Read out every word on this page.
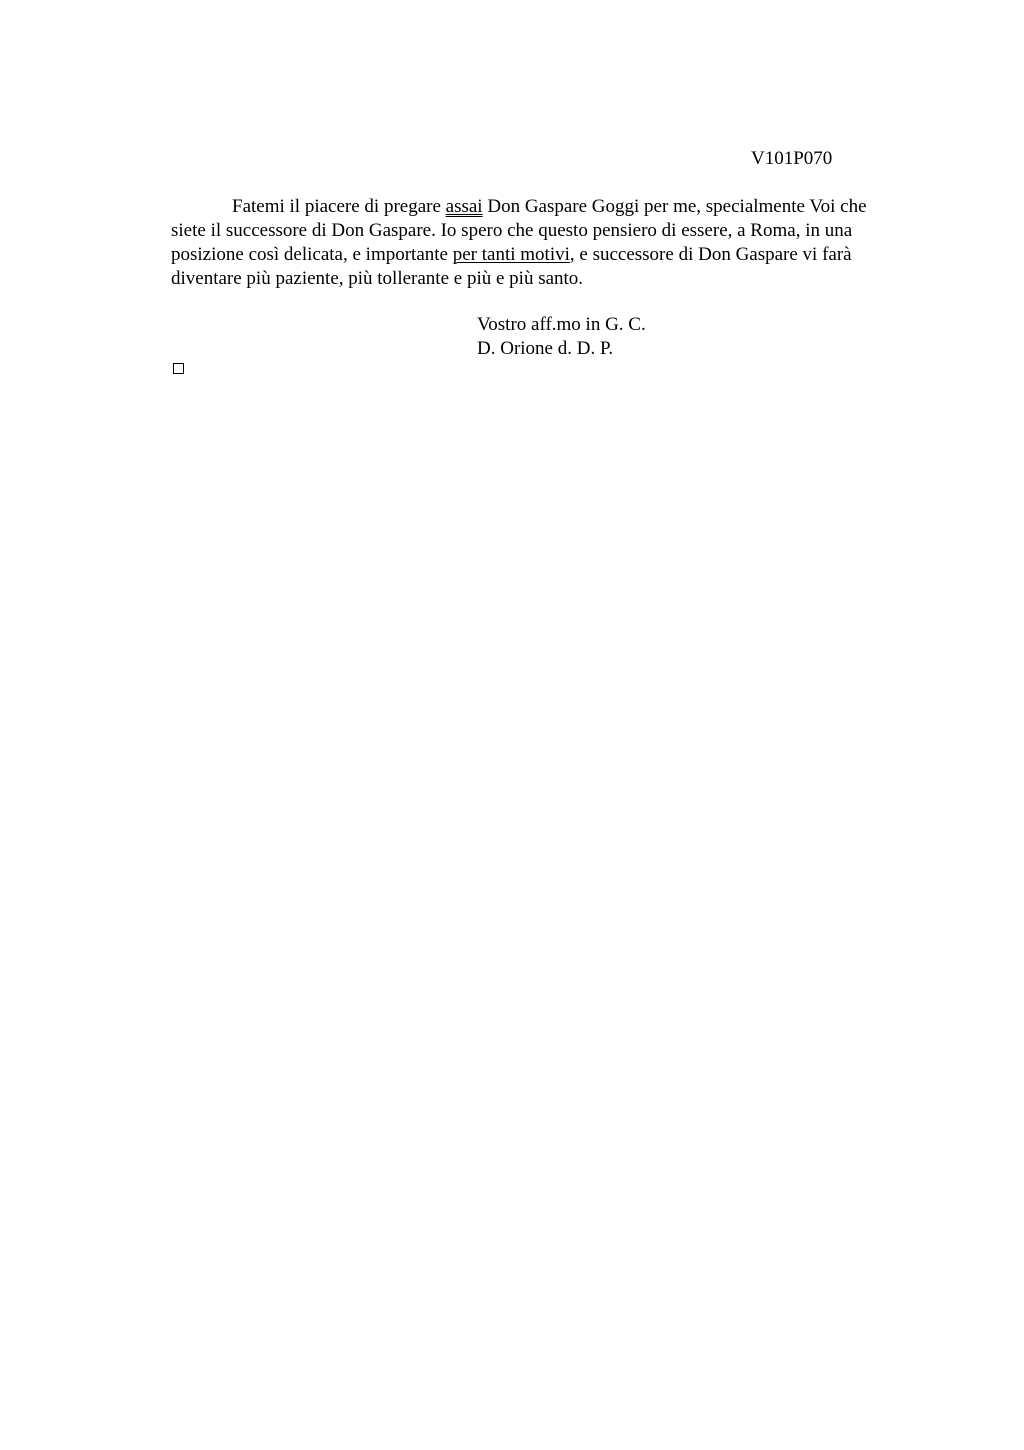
V101P070

Fatemi il piacere di pregare assai Don Gaspare Goggi per me, specialmente Voi che
siete il successore di Don Gaspare. Io spero che questo pensiero di essere, a Roma, in una
posizione così delicata, e importante per tanti motivi, e successore di Don Gaspare vi farà
diventare più paziente, più tollerante e più e più santo.

Vostro aff.mo in G. C.
D. Orione d. D. P.
